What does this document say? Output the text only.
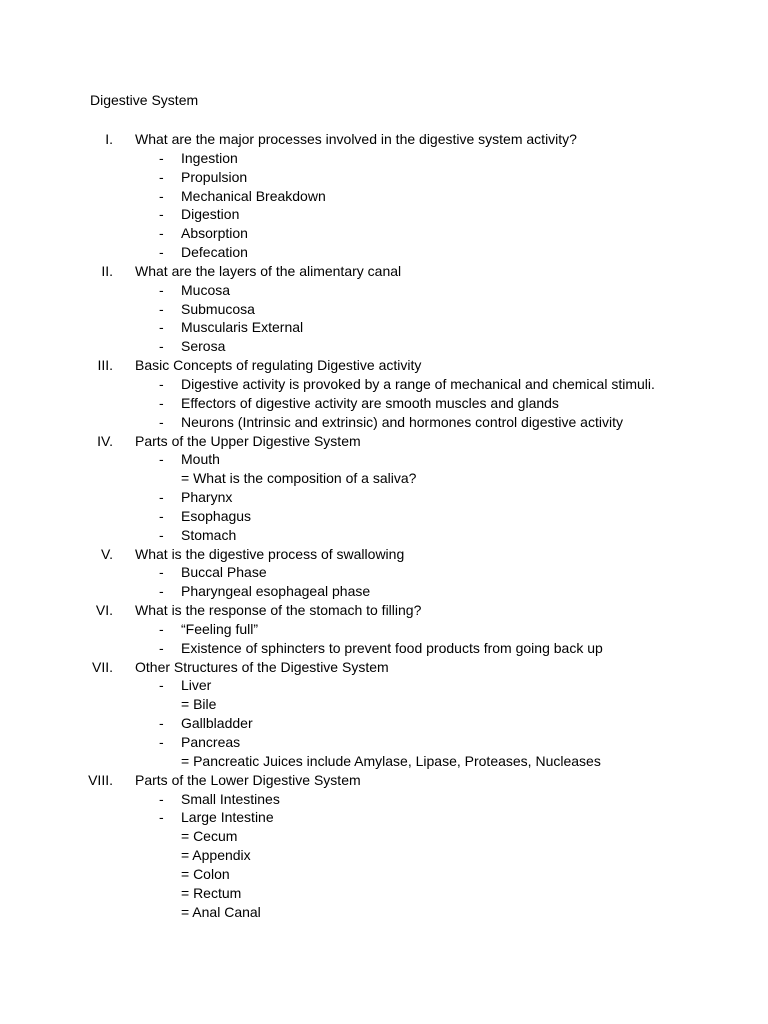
Digestive System
I. What are the major processes involved in the digestive system activity?
- Ingestion
- Propulsion
- Mechanical Breakdown
- Digestion
- Absorption
- Defecation
II. What are the layers of the alimentary canal
- Mucosa
- Submucosa
- Muscularis External
- Serosa
III. Basic Concepts of regulating Digestive activity
- Digestive activity is provoked by a range of mechanical and chemical stimuli.
- Effectors of digestive activity are smooth muscles and glands
- Neurons (Intrinsic and extrinsic) and hormones control digestive activity
IV. Parts of the Upper Digestive System
- Mouth
= What is the composition of a saliva?
- Pharynx
- Esophagus
- Stomach
V. What is the digestive process of swallowing
- Buccal Phase
- Pharyngeal esophageal phase
VI. What is the response of the stomach to filling?
- “Feeling full”
- Existence of sphincters to prevent food products from going back up
VII. Other Structures of the Digestive System
- Liver
= Bile
- Gallbladder
- Pancreas
= Pancreatic Juices include Amylase, Lipase, Proteases, Nucleases
VIII. Parts of the Lower Digestive System
- Small Intestines
- Large Intestine
= Cecum
= Appendix
= Colon
= Rectum
= Anal Canal
